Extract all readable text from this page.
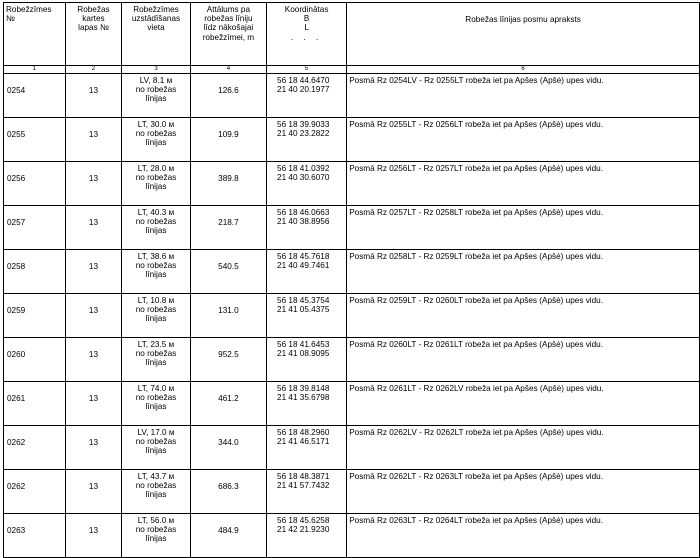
Robežzīmes
№	Robežas
kartes
lapas №	Robežzīmes
uzstādīšanas
vieta	Attālums pa
robežas līniju
līdz nākošajai
robežzīmei, m	Koordinātas
B
L
. . .	Robežas līnijas posmu apraksts
1	2	3	4	5	6
0254	13	LV, 8.1 м
no robežas
līnijas	126.6	56 18 44.6470
21 40 20.1977	Posmā Rz 0254LV - Rz 0255LT robeža iet pa Apšes (Apšė) upes vidu.
0255	13	LT, 30.0 м
no robežas
līnijas	109.9	56 18 39.9033
21 40 23.2822	Posmā Rz 0255LT - Rz 0256LT robeža iet pa Apšes (Apšė) upes vidu.
0256	13	LT, 28.0 м
no robežas
līnijas	389.8	56 18 41.0392
21 40 30.6070	Posmā Rz 0256LT - Rz 0257LT robeža iet pa Apšes (Apšė) upes vidu.
0257	13	LT, 40.3 м
no robežas
līnijas	218.7	56 18 46.0663
21 40 38.8956	Posmā Rz 0257LT - Rz 0258LT robeža iet pa Apšes (Apšė) upes vidu.
0258	13	LT, 38.6 м
no robežas
līnijas	540.5	56 18 45.7618
21 40 49.7461	Posmā Rz 0258LT - Rz 0259LT robeža iet pa Apšes (Apšė) upes vidu.
0259	13	LT, 10.8 м
no robežas
līnijas	131.0	56 18 45.3754
21 41 05.4375	Posmā Rz 0259LT - Rz 0260LT robeža iet pa Apšes (Apšė) upes vidu.
0260	13	LT, 23.5 м
no robežas
līnijas	952.5	56 18 41.6453
21 41 08.9095	Posmā Rz 0260LT - Rz 0261LT robeža iet pa Apšes (Apšė) upes vidu.
0261	13	LT, 74.0 м
no robežas
līnijas	461.2	56 18 39.8148
21 41 35.6798	Posmā Rz 0261LT - Rz 0262LV robeža iet pa Apšes (Apšė) upes vidu.
0262	13	LV, 17.0 м
no robežas
līnijas	344.0	56 18 48.2960
21 41 46.5171	Posmā Rz 0262LV - Rz 0262LT robeža iet pa Apšes (Apšė) upes vidu.
0262	13	LT, 43.7 м
no robežas
līnijas	686.3	56 18 48.3871
21 41 57.7432	Posmā Rz 0262LT - Rz 0263LT robeža iet pa Apšes (Apšė) upes vidu.
0263	13	LT, 56.0 м
no robežas
līnijas	484.9	56 18 45.6258
21 42 21.9230	Posmā Rz 0263LT - Rz 0264LT robeža iet pa Apšes (Apšė) upes vidu.
